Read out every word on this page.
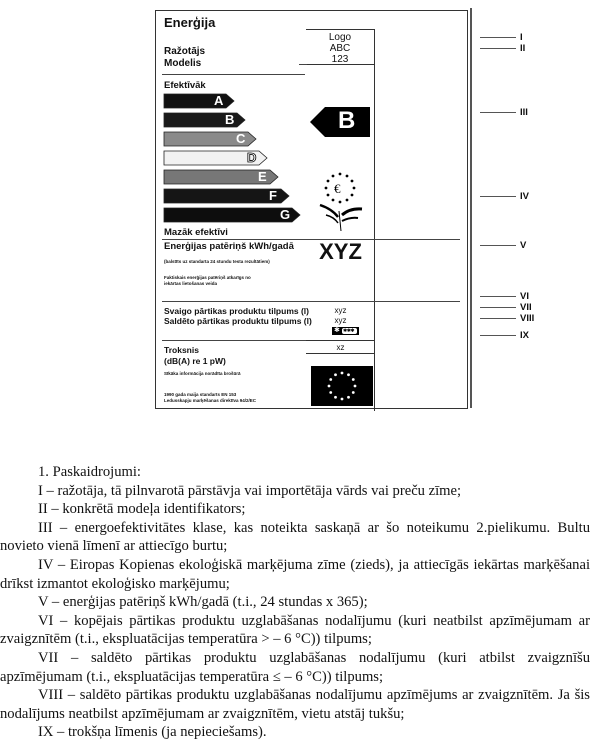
Enerģija
Ražotājs
Modelis
Logo
ABC
123
Efektīvāk
A
B
C
D
E
F
G
B
€
Mazāk efektīvi
Enerģijas patēriņš kWh/gadā
(balstīts uz standarta 24 stundu testa rezultātiem)
Faktiskais enerģijas patēriņš atkarīgs no iekārtas lietošanas veida
XYZ
Svaigo pārtikas produktu tilpums (l)
Saldēto pārtikas produktu tilpums (l)
xyz
xyz
✱ ✱✱✱
xz
Troksnis
(dB(A) re 1 pW)
Sīkāka informācija norādīta brošūrā
1990 gada maija standarts EN 153
Ledusskapju marķēšanas direktīva 94/2/EC
I
II
III
IV
V
VI
VII
VIII
IX

1. Paskaidrojumi:

I – ražotāja, tā pilnvarotā pārstāvja vai importētāja vārds vai preču zīme;

II – konkrētā modeļa identifikators;

III – energoefektivitātes klase, kas noteikta saskaņā ar šo noteikumu 2.pielikumu. Bultu novieto vienā līmenī ar attiecīgo burtu;

IV – Eiropas Kopienas ekoloģiskā marķējuma zīme (zieds), ja attiecīgās iekārtas marķēšanai drīkst izmantot ekoloģisko marķējumu;

V – enerģijas patēriņš kWh/gadā (t.i., 24 stundas x 365);

VI – kopējais pārtikas produktu uzglabāšanas nodalījumu (kuri neatbilst apzīmējumam ar zvaigznītēm (t.i., ekspluatācijas temperatūra > – 6 °C)) tilpums;

VII – saldēto pārtikas produktu uzglabāšanas nodalījumu (kuri atbilst zvaigznīšu apzīmējumam (t.i., ekspluatācijas temperatūra ≤ – 6 °C)) tilpums;

VIII – saldēto pārtikas produktu uzglabāšanas nodalījumu apzīmējums ar zvaigznītēm. Ja šis nodalījums neatbilst apzīmējumam ar zvaigznītēm, vietu atstāj tukšu;

IX – trokšņa līmenis (ja nepieciešams).
